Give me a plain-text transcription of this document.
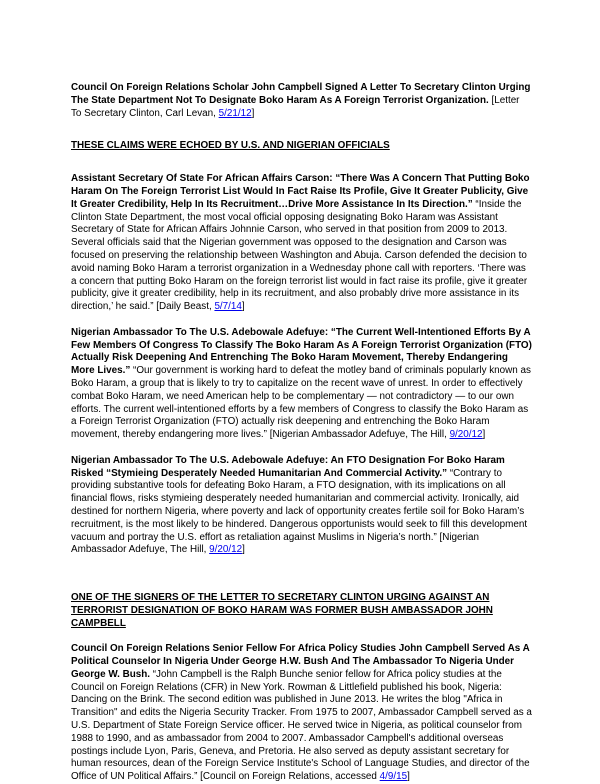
Council On Foreign Relations Scholar John Campbell Signed A Letter To Secretary Clinton Urging The State Department Not To Designate Boko Haram As A Foreign Terrorist Organization. [Letter To Secretary Clinton, Carl Levan, 5/21/12]

THESE CLAIMS WERE ECHOED BY U.S. AND NIGERIAN OFFICIALS

Assistant Secretary Of State For African Affairs Carson: “There Was A Concern That Putting Boko Haram On The Foreign Terrorist List Would In Fact Raise Its Profile, Give It Greater Publicity, Give It Greater Credibility, Help In Its Recruitment…Drive More Assistance In Its Direction.” “Inside the Clinton State Department, the most vocal official opposing designating Boko Haram was Assistant Secretary of State for African Affairs Johnnie Carson, who served in that position from 2009 to 2013. Several officials said that the Nigerian government was opposed to the designation and Carson was focused on preserving the relationship between Washington and Abuja. Carson defended the decision to avoid naming Boko Haram a terrorist organization in a Wednesday phone call with reporters. ‘There was a concern that putting Boko Haram on the foreign terrorist list would in fact raise its profile, give it greater publicity, give it greater credibility, help in its recruitment, and also probably drive more assistance in its direction,’ he said.” [Daily Beast, 5/7/14]

Nigerian Ambassador To The U.S. Adebowale Adefuye: “The Current Well-Intentioned Efforts By A Few Members Of Congress To Classify The Boko Haram As A Foreign Terrorist Organization (FTO) Actually Risk Deepening And Entrenching The Boko Haram Movement, Thereby Endangering More Lives.” “Our government is working hard to defeat the motley band of criminals popularly known as Boko Haram, a group that is likely to try to capitalize on the recent wave of unrest. In order to effectively combat Boko Haram, we need American help to be complementary — not contradictory — to our own efforts. The current well-intentioned efforts by a few members of Congress to classify the Boko Haram as a Foreign Terrorist Organization (FTO) actually risk deepening and entrenching the Boko Haram movement, thereby endangering more lives.” [Nigerian Ambassador Adefuye, The Hill, 9/20/12]

Nigerian Ambassador To The U.S. Adebowale Adefuye: An FTO Designation For Boko Haram Risked “Stymieing Desperately Needed Humanitarian And Commercial Activity.” “Contrary to providing substantive tools for defeating Boko Haram, a FTO designation, with its implications on all financial flows, risks stymieing desperately needed humanitarian and commercial activity. Ironically, aid destined for northern Nigeria, where poverty and lack of opportunity creates fertile soil for Boko Haram’s recruitment, is the most likely to be hindered. Dangerous opportunists would seek to fill this development vacuum and portray the U.S. effort as retaliation against Muslims in Nigeria’s north.” [Nigerian Ambassador Adefuye, The Hill, 9/20/12]

ONE OF THE SIGNERS OF THE LETTER TO SECRETARY CLINTON URGING AGAINST AN TERRORIST DESIGNATION OF BOKO HARAM WAS FORMER BUSH AMBASSADOR JOHN CAMPBELL

Council On Foreign Relations Senior Fellow For Africa Policy Studies John Campbell Served As A Political Counselor In Nigeria Under George H.W. Bush And The Ambassador To Nigeria Under George W. Bush. “John Campbell is the Ralph Bunche senior fellow for Africa policy studies at the Council on Foreign Relations (CFR) in New York. Rowman & Littlefield published his book, Nigeria: Dancing on the Brink. The second edition was published in June 2013. He writes the blog "Africa in Transition" and edits the Nigeria Security Tracker. From 1975 to 2007, Ambassador Campbell served as a U.S. Department of State Foreign Service officer. He served twice in Nigeria, as political counselor from 1988 to 1990, and as ambassador from 2004 to 2007. Ambassador Campbell's additional overseas postings include Lyon, Paris, Geneva, and Pretoria. He also served as deputy assistant secretary for human resources, dean of the Foreign Service Institute's School of Language Studies, and director of the Office of UN Political Affairs.” [Council on Foreign Relations, accessed 4/9/15]
